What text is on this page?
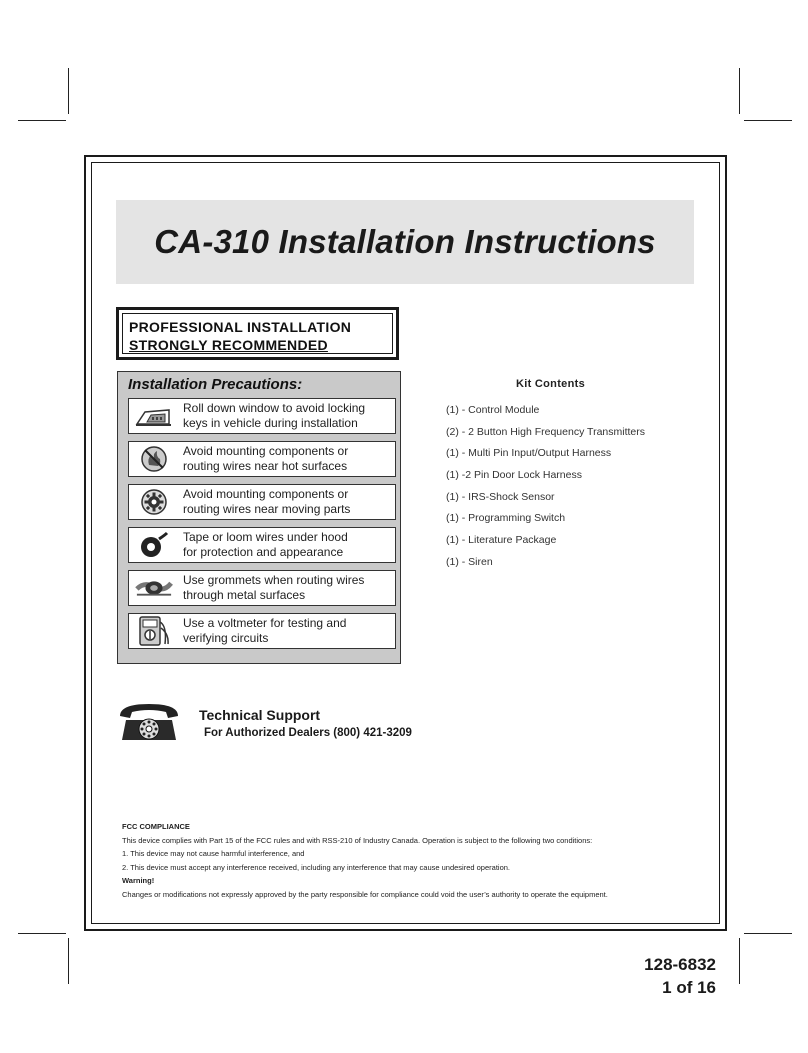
CA-310 Installation Instructions
PROFESSIONAL INSTALLATION
STRONGLY RECOMMENDED
Installation Precautions:
Roll down window to avoid locking
keys in vehicle during installation
Avoid mounting components or
routing wires near hot surfaces
Avoid mounting components or
routing wires near moving parts
Tape or loom wires under hood
for protection and appearance
Use grommets when routing wires
through metal surfaces
Use a voltmeter for testing and
verifying circuits
Kit Contents
(1) - Control Module
(2) - 2 Button High Frequency Transmitters
(1) - Multi Pin Input/Output Harness
(1) -2 Pin Door Lock Harness
(1) - IRS-Shock Sensor
(1) - Programming Switch
(1) - Literature Package
(1) - Siren
Technical Support
For Authorized Dealers (800) 421-3209
FCC COMPLIANCE
This device complies with Part 15 of the FCC rules and with RSS-210 of Industry Canada. Operation is subject to the following two conditions:
1. This device may not cause harmful interference, and
2. This device must accept any interference received, including any interference that may cause undesired operation.
Warning!
Changes or modifications not expressly approved by the party responsible for compliance could void the user’s authority to operate the equipment.
128-6832
1 of 16
